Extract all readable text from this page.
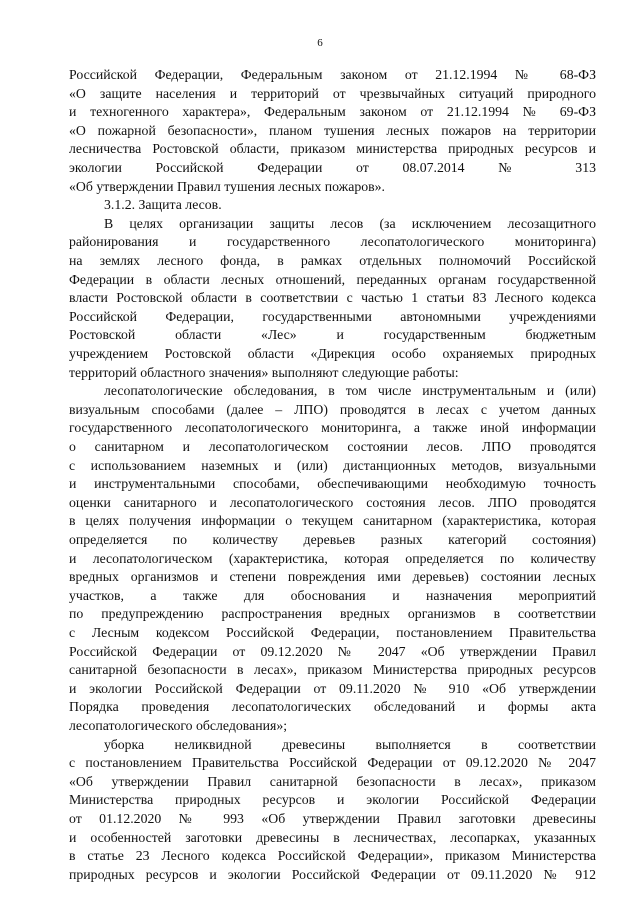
6
Российской Федерации, Федеральным законом от 21.12.1994 № 68-ФЗ
«О защите населения и территорий от чрезвычайных ситуаций природного
и техногенного характера», Федеральным законом от 21.12.1994 № 69-ФЗ
«О пожарной безопасности», планом тушения лесных пожаров на территории
лесничества Ростовской области, приказом министерства природных ресурсов и
экологии Российской Федерации от 08.07.2014 № 313
«Об утверждении Правил тушения лесных пожаров».
3.1.2. Защита лесов.
В целях организации защиты лесов (за исключением лесозащитного
районирования и государственного лесопатологического мониторинга)
на землях лесного фонда, в рамках отдельных полномочий Российской
Федерации в области лесных отношений, переданных органам государственной
власти Ростовской области в соответствии с частью 1 статьи 83 Лесного кодекса
Российской Федерации, государственными автономными учреждениями
Ростовской области «Лес» и государственным бюджетным
учреждением Ростовской области «Дирекция особо охраняемых природных
территорий областного значения» выполняют следующие работы:
лесопатологические обследования, в том числе инструментальным и (или)
визуальным способами (далее – ЛПО) проводятся в лесах с учетом данных
государственного лесопатологического мониторинга, а также иной информации
о санитарном и лесопатологическом состоянии лесов. ЛПО проводятся
с использованием наземных и (или) дистанционных методов, визуальными
и инструментальными способами, обеспечивающими необходимую точность
оценки санитарного и лесопатологического состояния лесов. ЛПО проводятся
в целях получения информации о текущем санитарном (характеристика, которая
определяется по количеству деревьев разных категорий состояния)
и лесопатологическом (характеристика, которая определяется по количеству
вредных организмов и степени повреждения ими деревьев) состоянии лесных
участков, а также для обоснования и назначения мероприятий
по предупреждению распространения вредных организмов в соответствии
с Лесным кодексом Российской Федерации, постановлением Правительства
Российской Федерации от 09.12.2020 № 2047 «Об утверждении Правил
санитарной безопасности в лесах», приказом Министерства природных ресурсов
и экологии Российской Федерации от 09.11.2020 № 910 «Об утверждении
Порядка проведения лесопатологических обследований и формы акта
лесопатологического обследования»;
уборка неликвидной древесины выполняется в соответствии
с постановлением Правительства Российской Федерации от 09.12.2020 № 2047
«Об утверждении Правил санитарной безопасности в лесах», приказом
Министерства природных ресурсов и экологии Российской Федерации
от 01.12.2020 № 993 «Об утверждении Правил заготовки древесины
и особенностей заготовки древесины в лесничествах, лесопарках, указанных
в статье 23 Лесного кодекса Российской Федерации», приказом Министерства
природных ресурсов и экологии Российской Федерации от 09.11.2020 № 912
